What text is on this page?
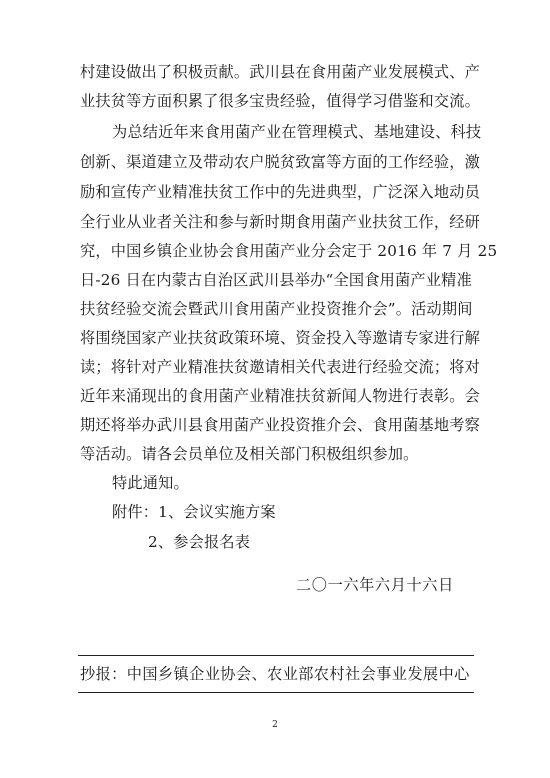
村建设做出了积极贡献。武川县在食用菌产业发展模式、产
业扶贫等方面积累了很多宝贵经验，值得学习借鉴和交流。
为总结近年来食用菌产业在管理模式、基地建设、科技
创新、渠道建立及带动农户脱贫致富等方面的工作经验，激
励和宣传产业精准扶贫工作中的先进典型，广泛深入地动员
全行业从业者关注和参与新时期食用菌产业扶贫工作，经研
究，中国乡镇企业协会食用菌产业分会定于 2016 年 7 月 25
日-26 日在内蒙古自治区武川县举办“全国食用菌产业精准
扶贫经验交流会暨武川食用菌产业投资推介会”。活动期间
将围绕国家产业扶贫政策环境、资金投入等邀请专家进行解
读；将针对产业精准扶贫邀请相关代表进行经验交流；将对
近年来涌现出的食用菌产业精准扶贫新闻人物进行表彰。会
期还将举办武川县食用菌产业投资推介会、食用菌基地考察
等活动。请各会员单位及相关部门积极组织参加。
特此通知。
附件：1、会议实施方案
2、参会报名表
二〇一六年六月十六日
抄报：中国乡镇企业协会、农业部农村社会事业发展中心
2
